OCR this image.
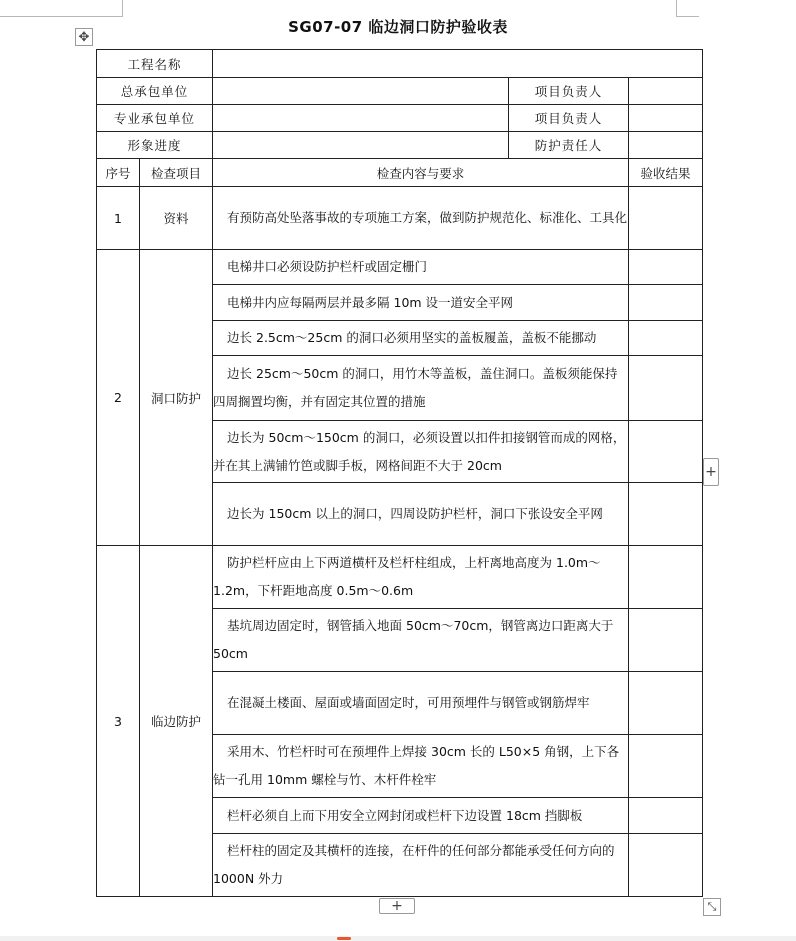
✥
SG07-07 临边洞口防护验收表
工程名称				
总承包单位			项目负责人	
专业承包单位			项目负责人	
形象进度			防护责任人	
序号	检查项目	检查内容与要求		验收结果
1	资料	有预防高处坠落事故的专项施工方案，做到防护规范化、标准化、工具化		
2	洞口防护	电梯井口必须设防护栏杆或固定栅门		
		电梯井内应每隔两层并最多隔 10m 设一道安全平网		
		边长 2.5cm～25cm 的洞口必须用坚实的盖板履盖，盖板不能挪动		
		边长 25cm～50cm 的洞口，用竹木等盖板，盖住洞口。盖板须能保持四周搁置均衡，并有固定其位置的措施		
		边长为 50cm～150cm 的洞口，必须设置以扣件扣接钢管而成的网格，并在其上满铺竹笆或脚手板，网格间距不大于 20cm		
		边长为 150cm 以上的洞口，四周设防护栏杆，洞口下张设安全平网		
3	临边防护	防护栏杆应由上下两道横杆及栏杆柱组成，上杆离地高度为 1.0m～1.2m，下杆距地高度 0.5m～0.6m		
		基坑周边固定时，钢管插入地面 50cm～70cm，钢管离边口距离大于 50cm		
		在混凝土楼面、屋面或墙面固定时，可用预埋件与钢管或钢筋焊牢		
		采用木、竹栏杆时可在预埋件上焊接 30cm 长的 L50×5 角钢，上下各钻一孔用 10mm 螺栓与竹、木杆件栓牢		
		栏杆必须自上而下用安全立网封闭或栏杆下边设置 18cm 挡脚板		
		栏杆柱的固定及其横杆的连接，在杆件的任何部分都能承受任何方向的 1000N 外力		
+
+	⤡
